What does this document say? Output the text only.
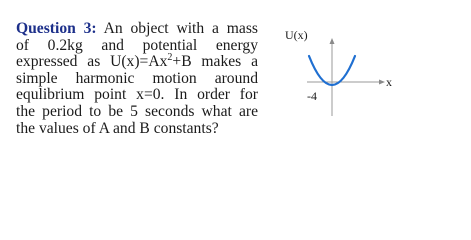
Question 3: An object with a mass
of 0.2kg and potential energy
expressed as $U(x)=Ax^2+B$ makes a
simple harmonic motion around
equlibrium point x=0. In order for
the period to be 5 seconds what are
the values of A and B constants?
U(x)
x
-4
